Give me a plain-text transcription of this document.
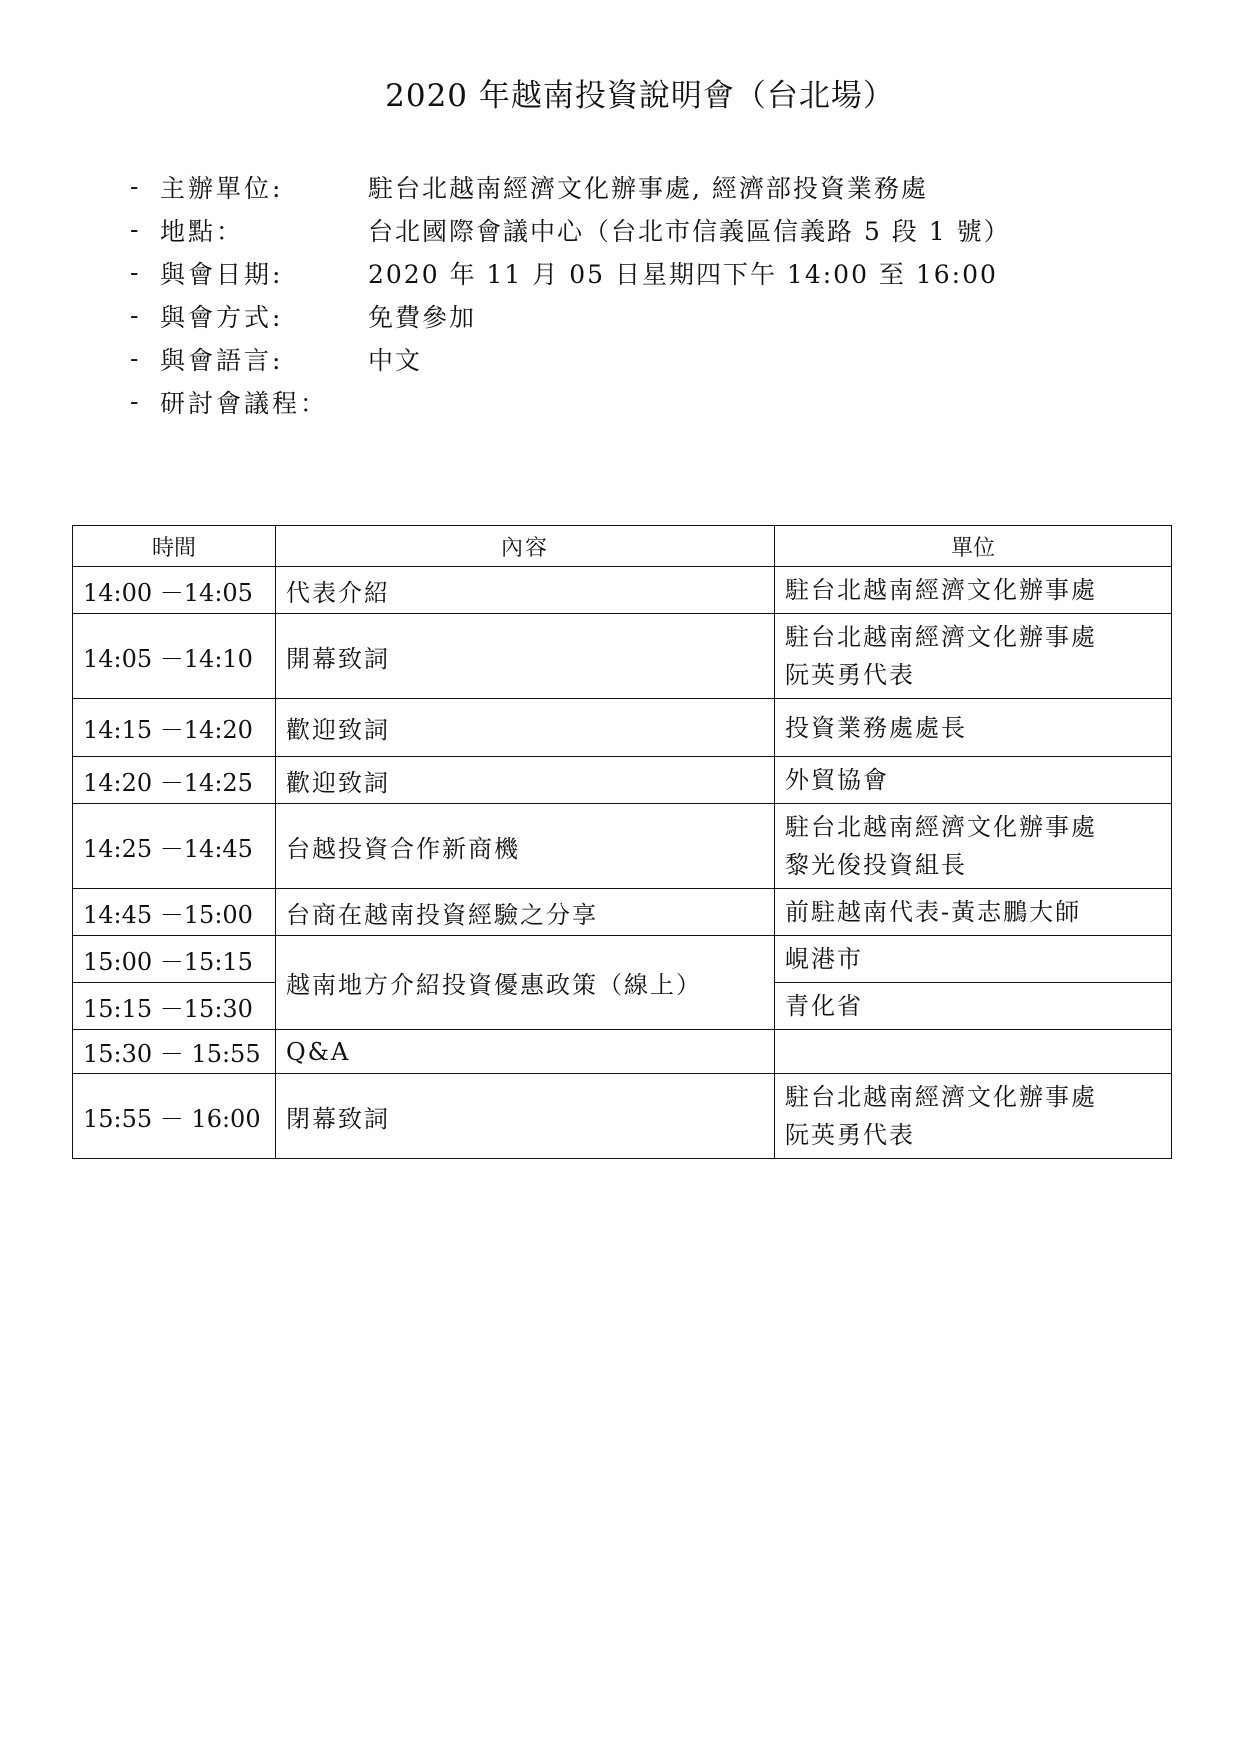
2020 年越南投資說明會（台北場）
- 主辦單位:	駐台北越南經濟文化辦事處, 經濟部投資業務處
- 地點：	台北國際會議中心（台北市信義區信義路 5 段 1 號）
- 與會日期:	2020 年 11 月 05 日星期四下午 14:00 至 16:00
- 與會方式:	免費參加
- 與會語言:	中文
- 研討會議程：
時間	內容	單位
14:00 －14:05	代表介紹	駐台北越南經濟文化辦事處

14:05 －14:10	開幕致詞	駐台北越南經濟文化辦事處
阮英勇代表

14:15 －14:20	歡迎致詞	投資業務處處長

14:20 －14:25	歡迎致詞	外貿協會

14:25 －14:45	台越投資合作新商機	駐台北越南經濟文化辦事處
黎光俊投資組長

14:45 －15:00	台商在越南投資經驗之分享	前駐越南代表-黃志鵬大師

15:00 －15:15	越南地方介紹投資優惠政策（線上）	峴港市

15:15 －15:30		青化省

15:30 － 15:55	Q&A	
15:55 － 16:00	閉幕致詞	駐台北越南經濟文化辦事處
阮英勇代表
